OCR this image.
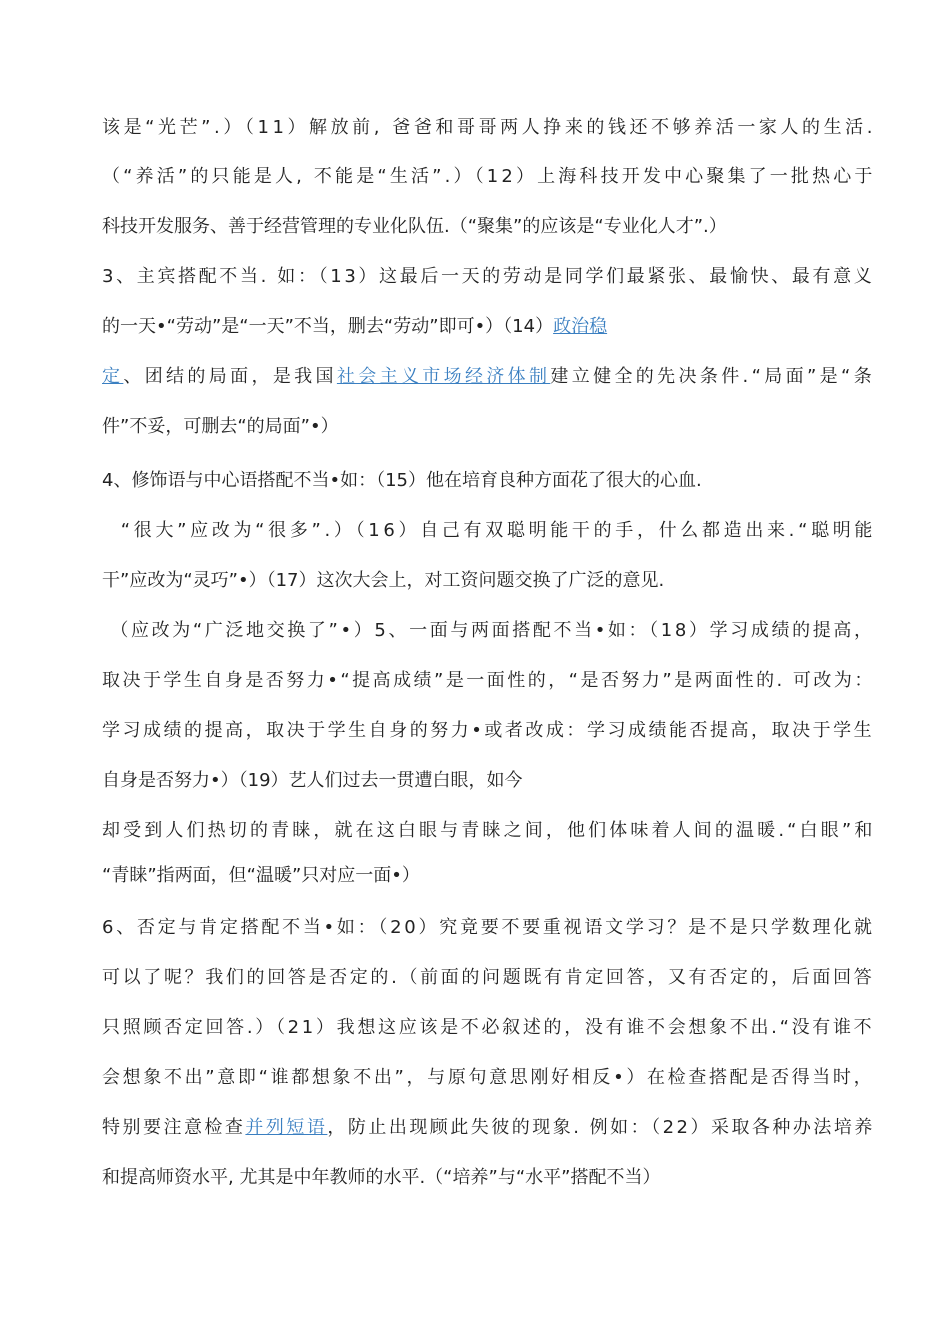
该是“光芒”.）（11）解放前, 爸爸和哥哥两人挣来的钱还不够养活一家人的生活.
（“养活”的只能是人, 不能是“生活”.）（12）上海科技开发中心聚集了一批热心于
科技开发服务、善于经营管理的专业化队伍.（“聚集”的应该是“专业化人才”.）
3、主宾搭配不当. 如：（13）这最后一天的劳动是同学们最紧张、最愉快、最有意义
的一天•“劳动”是“一天”不当，删去“劳动”即可•）（14）政治稳
定、团结的局面，是我国社会主义市场经济体制建立健全的先决条件.“局面”是“条
件”不妥，可删去“的局面”•）
4、修饰语与中心语搭配不当•如：（15）他在培育良种方面花了很大的心血.
“很大”应改为“很多”.）（16）自己有双聪明能干的手，什么都造出来.“聪明能
干”应改为“灵巧”•）（17）这次大会上，对工资问题交换了广泛的意见.
（应改为“广泛地交换了”•）5、一面与两面搭配不当•如：（18）学习成绩的提高，
取决于学生自身是否努力•“提高成绩”是一面性的，“是否努力”是两面性的. 可改为：
学习成绩的提高，取决于学生自身的努力•或者改成：学习成绩能否提高，取决于学生
自身是否努力•）（19）艺人们过去一贯遭白眼，如今
却受到人们热切的青睐，就在这白眼与青睐之间，他们体味着人间的温暖.“白眼”和
“青睐”指两面，但“温暖”只对应一面•）
6、否定与肯定搭配不当•如：（20）究竟要不要重视语文学习？是不是只学数理化就
可以了呢？我们的回答是否定的.（前面的问题既有肯定回答，又有否定的，后面回答
只照顾否定回答.）（21）我想这应该是不必叙述的，没有谁不会想象不出.“没有谁不
会想象不出”意即“谁都想象不出”，与原句意思刚好相反•）在检查搭配是否得当时，
特别要注意检查并列短语，防止出现顾此失彼的现象. 例如：（22）采取各种办法培养
和提高师资水平, 尤其是中年教师的水平.（“培养”与“水平”搭配不当）
